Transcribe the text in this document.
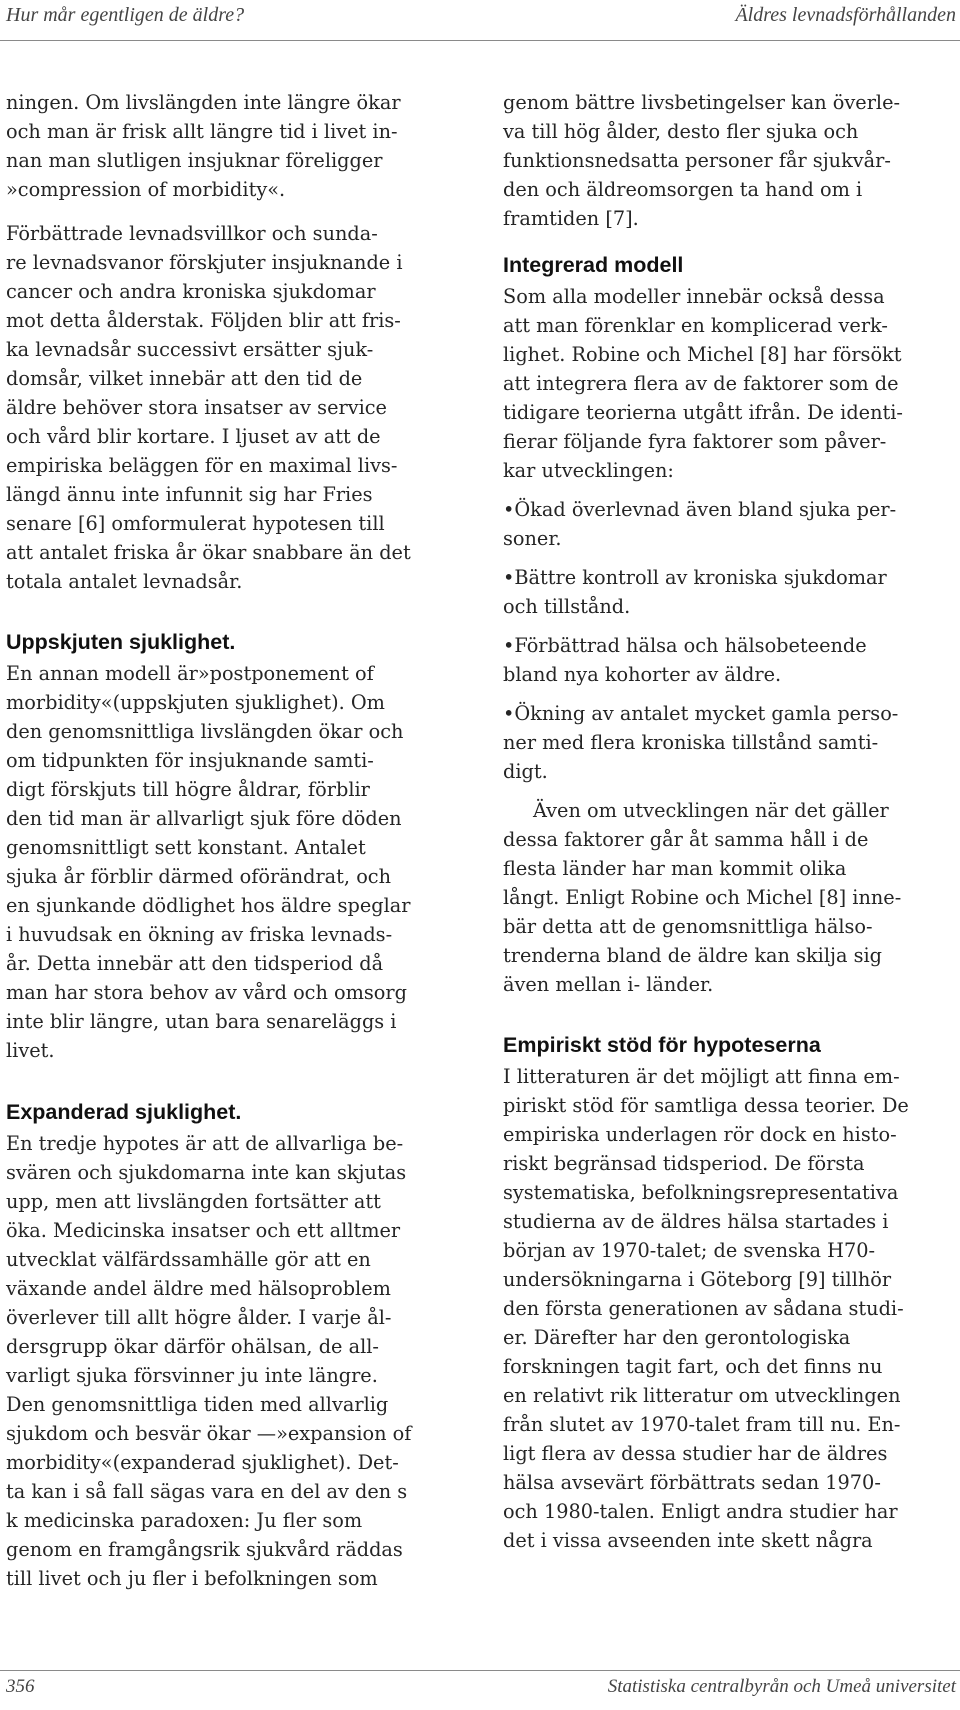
Hur mår egentligen de äldre?	Äldres levnadsförhållanden
ningen. Om livslängden inte längre ökar
och man är frisk allt längre tid i livet in-
nan man slutligen insjuknar föreligger
»compression of morbidity«.
Förbättrade levnadsvillkor och sunda-
re levnadsvanor förskjuter insjuknande i
cancer och andra kroniska sjukdomar
mot detta ålderstak. Följden blir att fris-
ka levnadsår successivt ersätter sjuk-
domsår, vilket innebär att den tid de
äldre behöver stora insatser av service
och vård blir kortare. I ljuset av att de
empiriska beläggen för en maximal livs-
längd ännu inte infunnit sig har Fries
senare [6] omformulerat hypotesen till
att antalet friska år ökar snabbare än det
totala antalet levnadsår.
Uppskjuten sjuklighet.
En annan modell är»postponement of
morbidity«(uppskjuten sjuklighet). Om
den genomsnittliga livslängden ökar och
om tidpunkten för insjuknande samti-
digt förskjuts till högre åldrar, förblir
den tid man är allvarligt sjuk före döden
genomsnittligt sett konstant. Antalet
sjuka år förblir därmed oförändrat, och
en sjunkande dödlighet hos äldre speglar
i huvudsak en ökning av friska levnads-
år. Detta innebär att den tidsperiod då
man har stora behov av vård och omsorg
inte blir längre, utan bara senareläggs i
livet.
Expanderad sjuklighet.
En tredje hypotes är att de allvarliga be-
svären och sjukdomarna inte kan skjutas
upp, men att livslängden fortsätter att
öka. Medicinska insatser och ett alltmer
utvecklat välfärdssamhälle gör att en
växande andel äldre med hälsoproblem
överlever till allt högre ålder. I varje ål-
dersgrupp ökar därför ohälsan, de all-
varligt sjuka försvinner ju inte längre.
Den genomsnittliga tiden med allvarlig
sjukdom och besvär ökar —»expansion of
morbidity«(expanderad sjuklighet). Det-
ta kan i så fall sägas vara en del av den s
k medicinska paradoxen: Ju fler som
genom en framgångsrik sjukvård räddas
till livet och ju fler i befolkningen som
genom bättre livsbetingelser kan överle-
va till hög ålder, desto fler sjuka och
funktionsnedsatta personer får sjukvår-
den och äldreomsorgen ta hand om i
framtiden [7].
Integrerad modell
Som alla modeller innebär också dessa
att man förenklar en komplicerad verk-
lighet. Robine och Michel [8] har försökt
att integrera flera av de faktorer som de
tidigare teorierna utgått ifrån. De identi-
fierar följande fyra faktorer som påver-
kar utvecklingen:
•Ökad överlevnad även bland sjuka per-
soner.
•Bättre kontroll av kroniska sjukdomar
och tillstånd.
•Förbättrad hälsa och hälsobeteende
bland nya kohorter av äldre.
•Ökning av antalet mycket gamla perso-
ner med flera kroniska tillstånd samti-
digt.
Även om utvecklingen när det gäller
dessa faktorer går åt samma håll i de
flesta länder har man kommit olika
långt. Enligt Robine och Michel [8] inne-
bär detta att de genomsnittliga hälso-
trenderna bland de äldre kan skilja sig
även mellan i- länder.
Empiriskt stöd för hypoteserna
I litteraturen är det möjligt att finna em-
piriskt stöd för samtliga dessa teorier. De
empiriska underlagen rör dock en histo-
riskt begränsad tidsperiod. De första
systematiska, befolkningsrepresentativa
studierna av de äldres hälsa startades i
början av 1970-talet; de svenska H70-
undersökningarna i Göteborg [9] tillhör
den första generationen av sådana studi-
er. Därefter har den gerontologiska
forskningen tagit fart, och det finns nu
en relativt rik litteratur om utvecklingen
från slutet av 1970-talet fram till nu. En-
ligt flera av dessa studier har de äldres
hälsa avsevärt förbättrats sedan 1970-
och 1980-talen. Enligt andra studier har
det i vissa avseenden inte skett några
356	Statistiska centralbyrån och Umeå universitet
